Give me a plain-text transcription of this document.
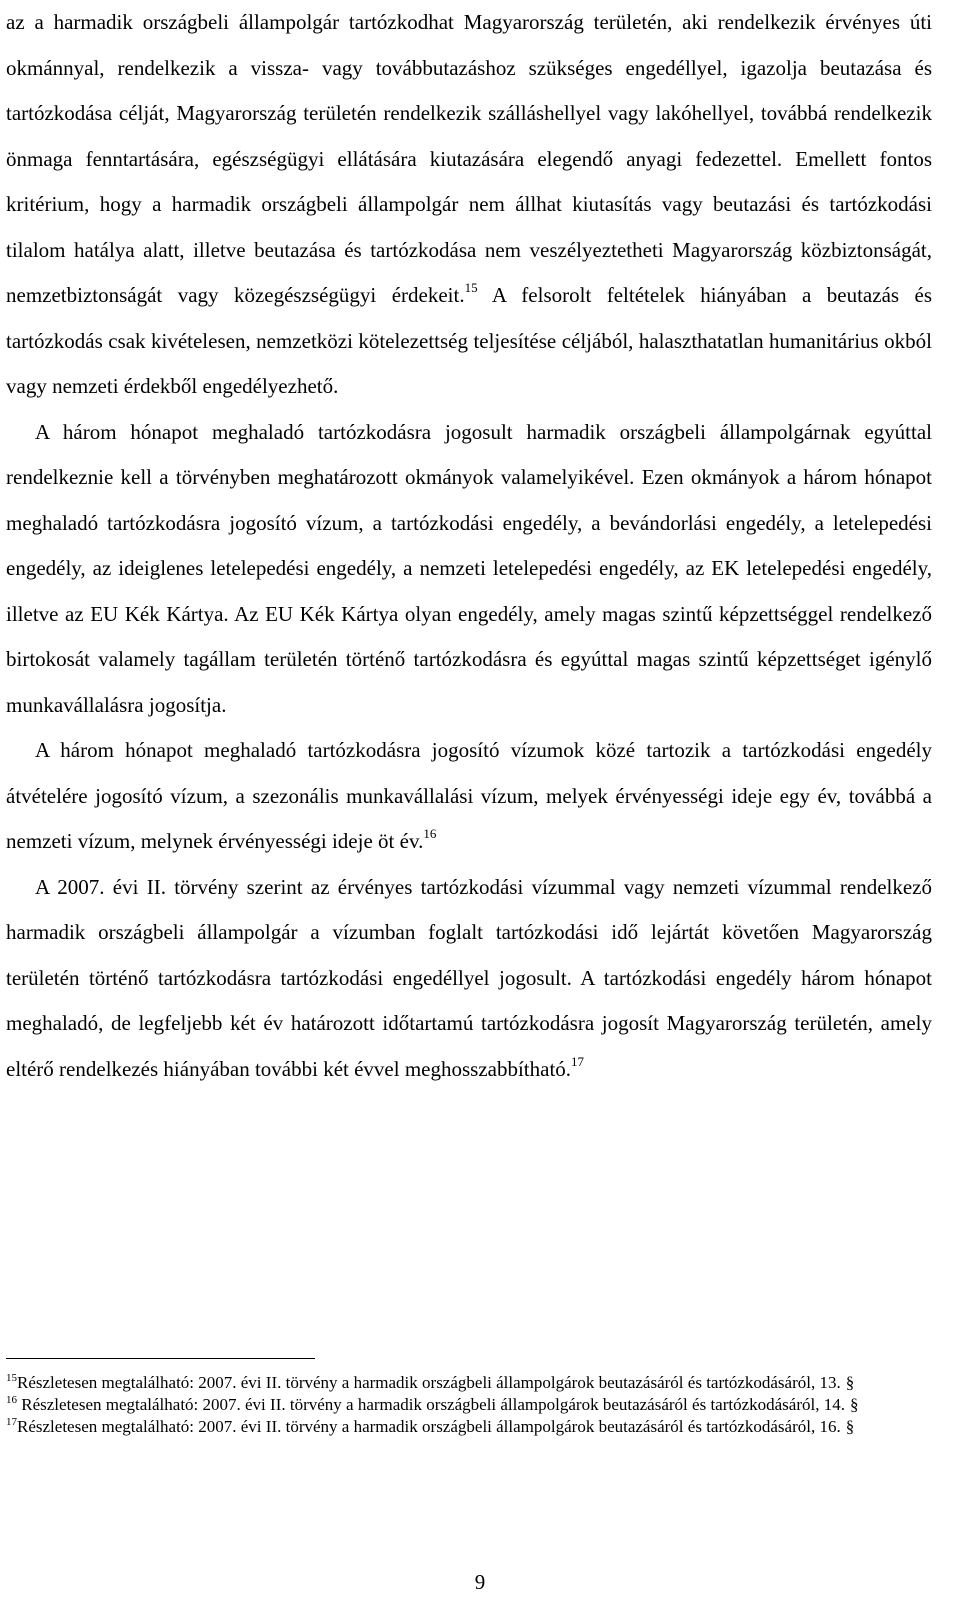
az a harmadik országbeli állampolgár tartózkodhat Magyarország területén, aki rendelkezik érvényes úti okmánnyal, rendelkezik a vissza- vagy továbbutazáshoz szükséges engedéllyel, igazolja beutazása és tartózkodása célját, Magyarország területén rendelkezik szálláshellyel vagy lakóhellyel, továbbá rendelkezik önmaga fenntartására, egészségügyi ellátására kiutazására elegendő anyagi fedezettel. Emellett fontos kritérium, hogy a harmadik országbeli állampolgár nem állhat kiutasítás vagy beutazási és tartózkodási tilalom hatálya alatt, illetve beutazása és tartózkodása nem veszélyeztetheti Magyarország közbiztonságát, nemzetbiztonságát vagy közegészségügyi érdekeit.$^{15}$ A felsorolt feltételek hiányában a beutazás és tartózkodás csak kivételesen, nemzetközi kötelezettség teljesítése céljából, halaszthatatlan humanitárius okból vagy nemzeti érdekből engedélyezhető.

A három hónapot meghaladó tartózkodásra jogosult harmadik országbeli állampolgárnak egyúttal rendelkeznie kell a törvényben meghatározott okmányok valamelyikével. Ezen okmányok a három hónapot meghaladó tartózkodásra jogosító vízum, a tartózkodási engedély, a bevándorlási engedély, a letelepedési engedély, az ideiglenes letelepedési engedély, a nemzeti letelepedési engedély, az EK letelepedési engedély, illetve az EU Kék Kártya. Az EU Kék Kártya olyan engedély, amely magas szintű képzettséggel rendelkező birtokosát valamely tagállam területén történő tartózkodásra és egyúttal magas szintű képzettséget igénylő munkavállalásra jogosítja.

A három hónapot meghaladó tartózkodásra jogosító vízumok közé tartozik a tartózkodási engedély átvételére jogosító vízum, a szezonális munkavállalási vízum, melyek érvényességi ideje egy év, továbbá a nemzeti vízum, melynek érvényességi ideje öt év.$^{16}$

A 2007. évi II. törvény szerint az érvényes tartózkodási vízummal vagy nemzeti vízummal rendelkező harmadik országbeli állampolgár a vízumban foglalt tartózkodási idő lejártát követően Magyarország területén történő tartózkodásra tartózkodási engedéllyel jogosult. A tartózkodási engedély három hónapot meghaladó, de legfeljebb két év határozott időtartamú tartózkodásra jogosít Magyarország területén, amely eltérő rendelkezés hiányában további két évvel meghosszabbítható.$^{17}$

$^{15}$Részletesen megtalálható: 2007. évi II. törvény a harmadik országbeli állampolgárok beutazásáról és tartózkodásáról, 13. §

$^{16}$ Részletesen megtalálható: 2007. évi II. törvény a harmadik országbeli állampolgárok beutazásáról és tartózkodásáról, 14. §

$^{17}$Részletesen megtalálható: 2007. évi II. törvény a harmadik országbeli állampolgárok beutazásáról és tartózkodásáról, 16. §

9
